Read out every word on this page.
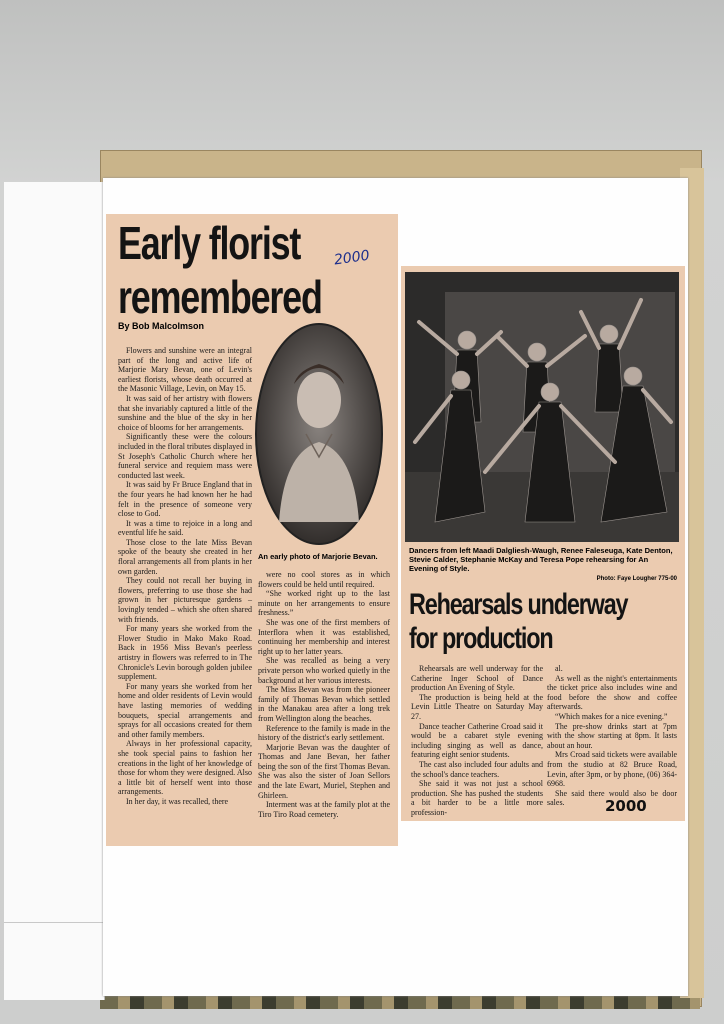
Early florist
remembered
2000
By Bob Malcolmson

Flowers and sunshine were an integral part of the long and active life of Marjorie Mary Bevan, one of Levin's earliest florists, whose death occurred at the Masonic Village, Levin, on May 15.

It was said of her artistry with flowers that she invariably captured a little of the sunshine and the blue of the sky in her choice of blooms for her arrangements.

Significantly these were the colours included in the floral tributes displayed in St Joseph's Catholic Church where her funeral service and requiem mass were conducted last week.

It was said by Fr Bruce England that in the four years he had known her he had felt in the presence of someone very close to God.

It was a time to rejoice in a long and eventful life he said.

Those close to the late Miss Bevan spoke of the beauty she created in her floral arrangements all from plants in her own garden.

They could not recall her buying in flowers, preferring to use those she had grown in her picturesque gardens – lovingly tended – which she often shared with friends.

For many years she worked from the Flower Studio in Mako Mako Road. Back in 1956 Miss Bevan's peerless artistry in flowers was referred to in The Chronicle's Levin borough golden jubilee supplement.

For many years she worked from her home and older residents of Levin would have lasting memories of wedding bouquets, special arrangements and sprays for all occasions created for them and other family members.

Always in her professional capacity, she took special pains to fashion her creations in the light of her knowledge of those for whom they were designed. Also a little bit of herself went into those arrangements.

In her day, it was recalled, there

An early photo of Marjorie Bevan.

were no cool stores as in which flowers could be held until required.

“She worked right up to the last minute on her arrangements to ensure freshness.”

She was one of the first members of Interflora when it was established, continuing her membership and interest right up to her latter years.

She was recalled as being a very private person who worked quietly in the background at her various interests.

The Miss Bevan was from the pioneer family of Thomas Bevan which settled in the Manakau area after a long trek from Wellington along the beaches.

Reference to the family is made in the history of the district's early settlement.

Marjorie Bevan was the daughter of Thomas and Jane Bevan, her father being the son of the first Thomas Bevan. She was also the sister of Joan Sellors and the late Ewart, Muriel, Stephen and Ghirleen.

Interment was at the family plot at the Tiro Tiro Road cemetery.

Dancers from left Maadi Dalgliesh-Waugh, Renee Faleseuga, Kate Denton, Stevie Calder, Stephanie McKay and Teresa Pope rehearsing for An Evening of Style.
Photo: Faye Lougher 775-00
Rehearsals underway
for production

Rehearsals are well underway for the Catherine Inger School of Dance production An Evening of Style.

The production is being held at the Levin Little Theatre on Saturday May 27.

Dance teacher Catherine Croad said it would be a cabaret style evening including singing as well as dance, featuring eight senior students.

The cast also included four adults and the school's dance teachers.

She said it was not just a school production. She has pushed the students a bit harder to be a little more profession-

al.

As well as the night's entertainments the ticket price also includes wine and food before the show and coffee afterwards.

“Which makes for a nice evening.”

The pre-show drinks start at 7pm with the show starting at 8pm. It lasts about an hour.

Mrs Croad said tickets were available from the studio at 82 Bruce Road, Levin, after 3pm, or by phone, (06) 364-6968.

She said there would also be door sales.	2000
